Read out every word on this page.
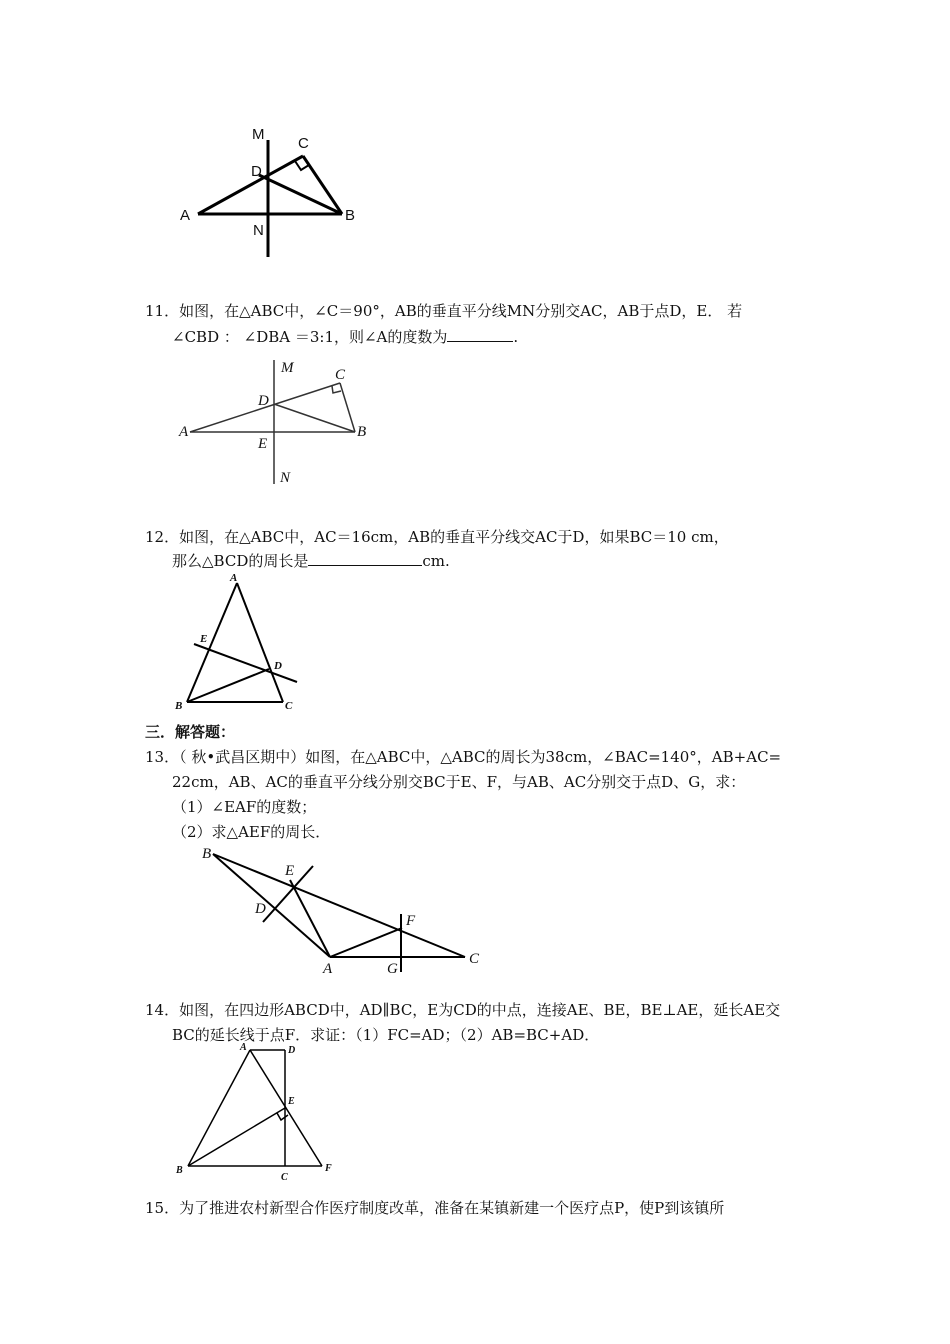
M
C
D
A	B
N
11．如图，在△ABC中，∠C＝90°，AB的垂直平分线MN分别交AC，AB于点D，E． 若
∠CBD ： ∠DBA ＝3:1，则∠A的度数为	.
M	C
D
A	B
E
N
12．如图，在△ABC中，AC＝16cm，AB的垂直平分线交AC于D，如果BC＝10 cm，
那么△BCD的周长是	cm.
A
E
D
B	C
三．解答题：
13．（ 秋•武昌区期中）如图，在△ABC中，△ABC的周长为38cm，∠BAC=140°，AB+AC=
22cm，AB、AC的垂直平分线分别交BC于E、F，与AB、AC分别交于点D、G，求：
（1）∠EAF的度数；
（2）求△AEF的周长．
B
E
D
F
A	G
C
14．如图，在四边形ABCD中，AD∥BC，E为CD的中点，连接AE、BE，BE⊥AE，延长AE交
BC的延长线于点F．求证：（1）FC=AD；（2）AB=BC+AD．
A	D
E
B
C
F
15．为了推进农村新型合作医疗制度改革，准备在某镇新建一个医疗点P，使P到该镇所
